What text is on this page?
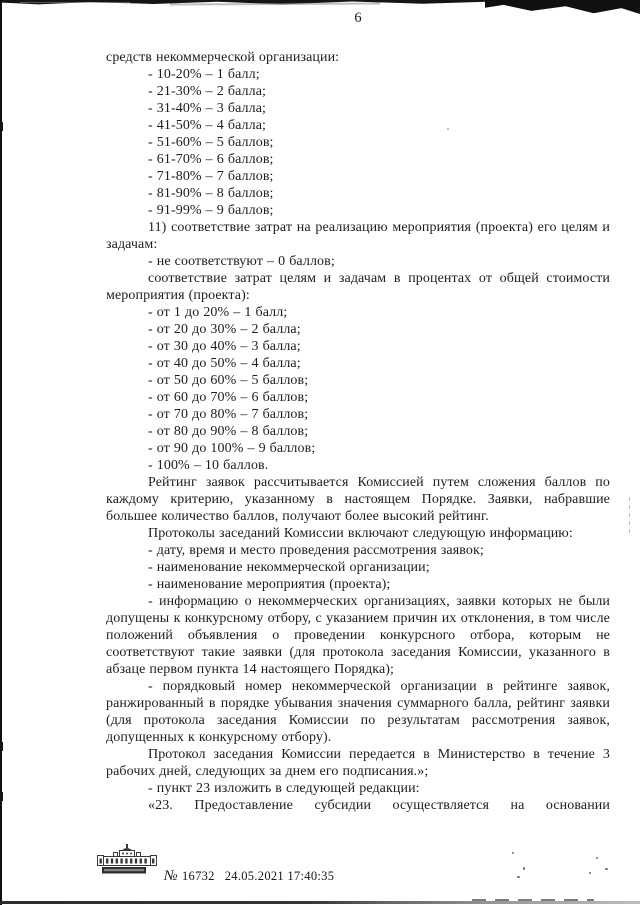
6

средств некоммерческой организации:

- 10-20% – 1 балл;

- 21-30% – 2 балла;

- 31-40% – 3 балла;

- 41-50% – 4 балла;

- 51-60% – 5 баллов;

- 61-70% – 6 баллов;

- 71-80% – 7 баллов;

- 81-90% – 8 баллов;

- 91-99% – 9 баллов;

11) соответствие затрат на реализацию мероприятия (проекта) его целям и задачам:

- не соответствуют – 0 баллов;

соответствие затрат целям и задачам в процентах от общей стоимости мероприятия (проекта):

- от 1 до 20% – 1 балл;

- от 20 до 30% – 2 балла;

- от 30 до 40% – 3 балла;

- от 40 до 50% – 4 балла;

- от 50 до 60% – 5 баллов;

- от 60 до 70% – 6 баллов;

- от 70 до 80% – 7 баллов;

- от 80 до 90% – 8 баллов;

- от 90 до 100% – 9 баллов;

- 100% – 10 баллов.

Рейтинг заявок рассчитывается Комиссией путем сложения баллов по каждому критерию, указанному в настоящем Порядке. Заявки, набравшие большее количество баллов, получают более высокий рейтинг.

Протоколы заседаний Комиссии включают следующую информацию:

- дату, время и место проведения рассмотрения заявок;

- наименование некоммерческой организации;

- наименование мероприятия (проекта);

- информацию о некоммерческих организациях, заявки которых не были допущены к конкурсному отбору, с указанием причин их отклонения, в том числе положений объявления о проведении конкурсного отбора, которым не соответствуют такие заявки (для протокола заседания Комиссии, указанного в абзаце первом пункта 14 настоящего Порядка);

- порядковый номер некоммерческой организации в рейтинге заявок, ранжированный в порядке убывания значения суммарного балла, рейтинг заявки (для протокола заседания Комиссии по результатам рассмотрения заявок, допущенных к конкурсному отбору).

Протокол заседания Комиссии передается в Министерство в течение 3 рабочих дней, следующих за днем его подписания.»;

- пункт 23 изложить в следующей редакции:

«23. Предоставление субсидии осуществляется на основании

№ 16732 24.05.2021 17:40:35
